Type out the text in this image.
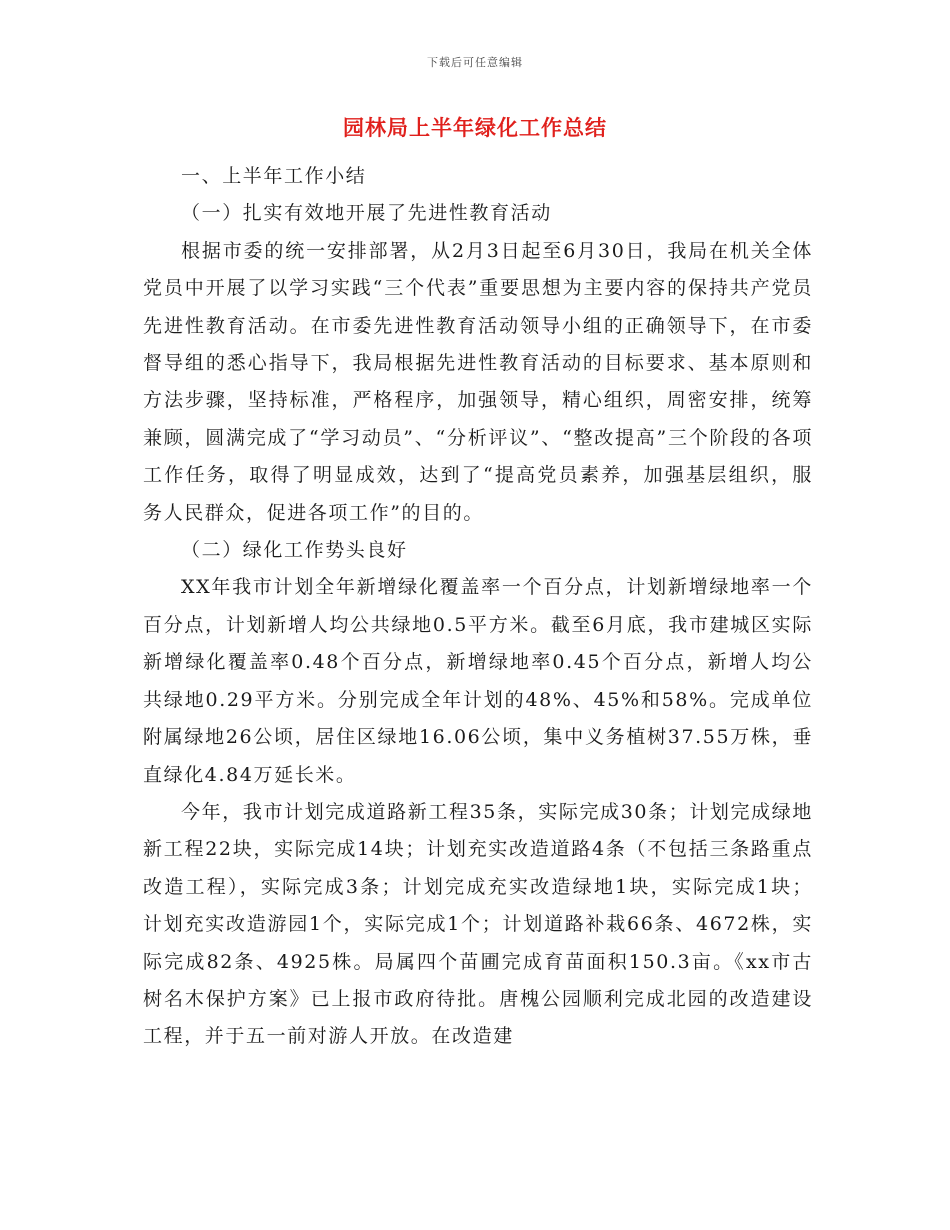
下载后可任意编辑
园林局上半年绿化工作总结

一、上半年工作小结

（一）扎实有效地开展了先进性教育活动

根据市委的统一安排部署，从2月3日起至6月30日，我局在机关全体党员中开展了以学习实践“三个代表”重要思想为主要内容的保持共产党员先进性教育活动。在市委先进性教育活动领导小组的正确领导下，在市委督导组的悉心指导下，我局根据先进性教育活动的目标要求、基本原则和方法步骤，坚持标准，严格程序，加强领导，精心组织，周密安排，统筹兼顾，圆满完成了“学习动员”、“分析评议”、“整改提高”三个阶段的各项工作任务，取得了明显成效，达到了“提高党员素养，加强基层组织，服务人民群众，促进各项工作”的目的。

（二）绿化工作势头良好

XX年我市计划全年新增绿化覆盖率一个百分点，计划新增绿地率一个百分点，计划新增人均公共绿地0.5平方米。截至6月底，我市建城区实际新增绿化覆盖率0.48个百分点，新增绿地率0.45个百分点，新增人均公共绿地0.29平方米。分别完成全年计划的48%、45%和58%。完成单位附属绿地26公顷，居住区绿地16.06公顷，集中义务植树37.55万株，垂直绿化4.84万延长米。

今年，我市计划完成道路新工程35条，实际完成30条；计划完成绿地新工程22块，实际完成14块；计划充实改造道路4条（不包括三条路重点改造工程），实际完成3条；计划完成充实改造绿地1块，实际完成1块；计划充实改造游园1个，实际完成1个；计划道路补栽66条、4672株，实际完成82条、4925株。局属四个苗圃完成育苗面积150.3亩。《xx市古树名木保护方案》已上报市政府待批。唐槐公园顺利完成北园的改造建设工程，并于五一前对游人开放。在改造建
